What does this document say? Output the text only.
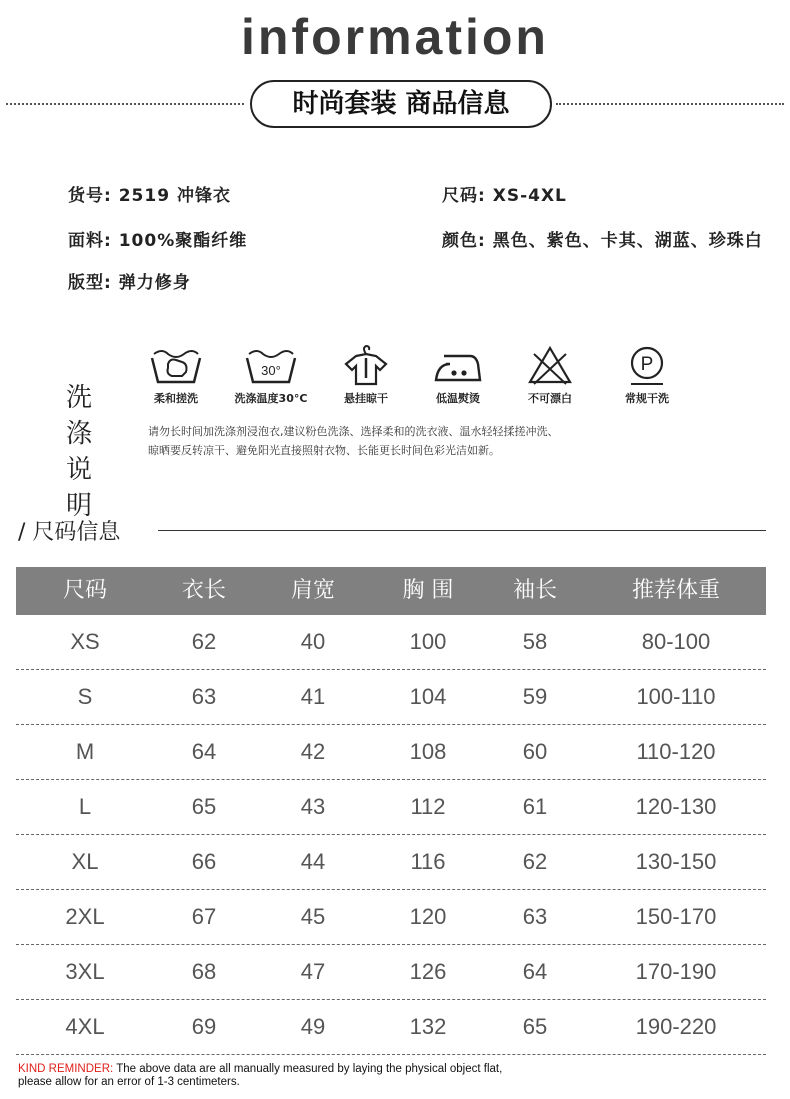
information
时尚套装 商品信息
货号: 2519 冲锋衣	尺码: XS-4XL
面料: 100%聚酯纤维	颜色: 黑色、紫色、卡其、湖蓝、珍珠白
版型: 弹力修身
洗 涤
说 明
柔和搓洗
30°
洗涤温度30°C	悬挂晾干	低温熨烫	不可漂白
P
常规干洗
请勿长时间加洗涤剂浸泡衣,建议粉色洗涤、选择柔和的洗衣液、温水轻轻揉搓冲洗、
晾晒要反转凉干、避免阳光直接照射衣物、长能更长时间色彩光洁如新。
/ 尺码信息
尺码	衣长	肩宽	胸 围	袖长	推荐体重
XS	62	40	100	58	80-100
S	63	41	104	59	100-110
M	64	42	108	60	110-120
L	65	43	112	61	120-130
XL	66	44	116	62	130-150
2XL	67	45	120	63	150-170
3XL	68	47	126	64	170-190
4XL	69	49	132	65	190-220
KIND REMINDER: The above data are all manually measured by laying the physical object flat,
please allow for an error of 1-3 centimeters.
